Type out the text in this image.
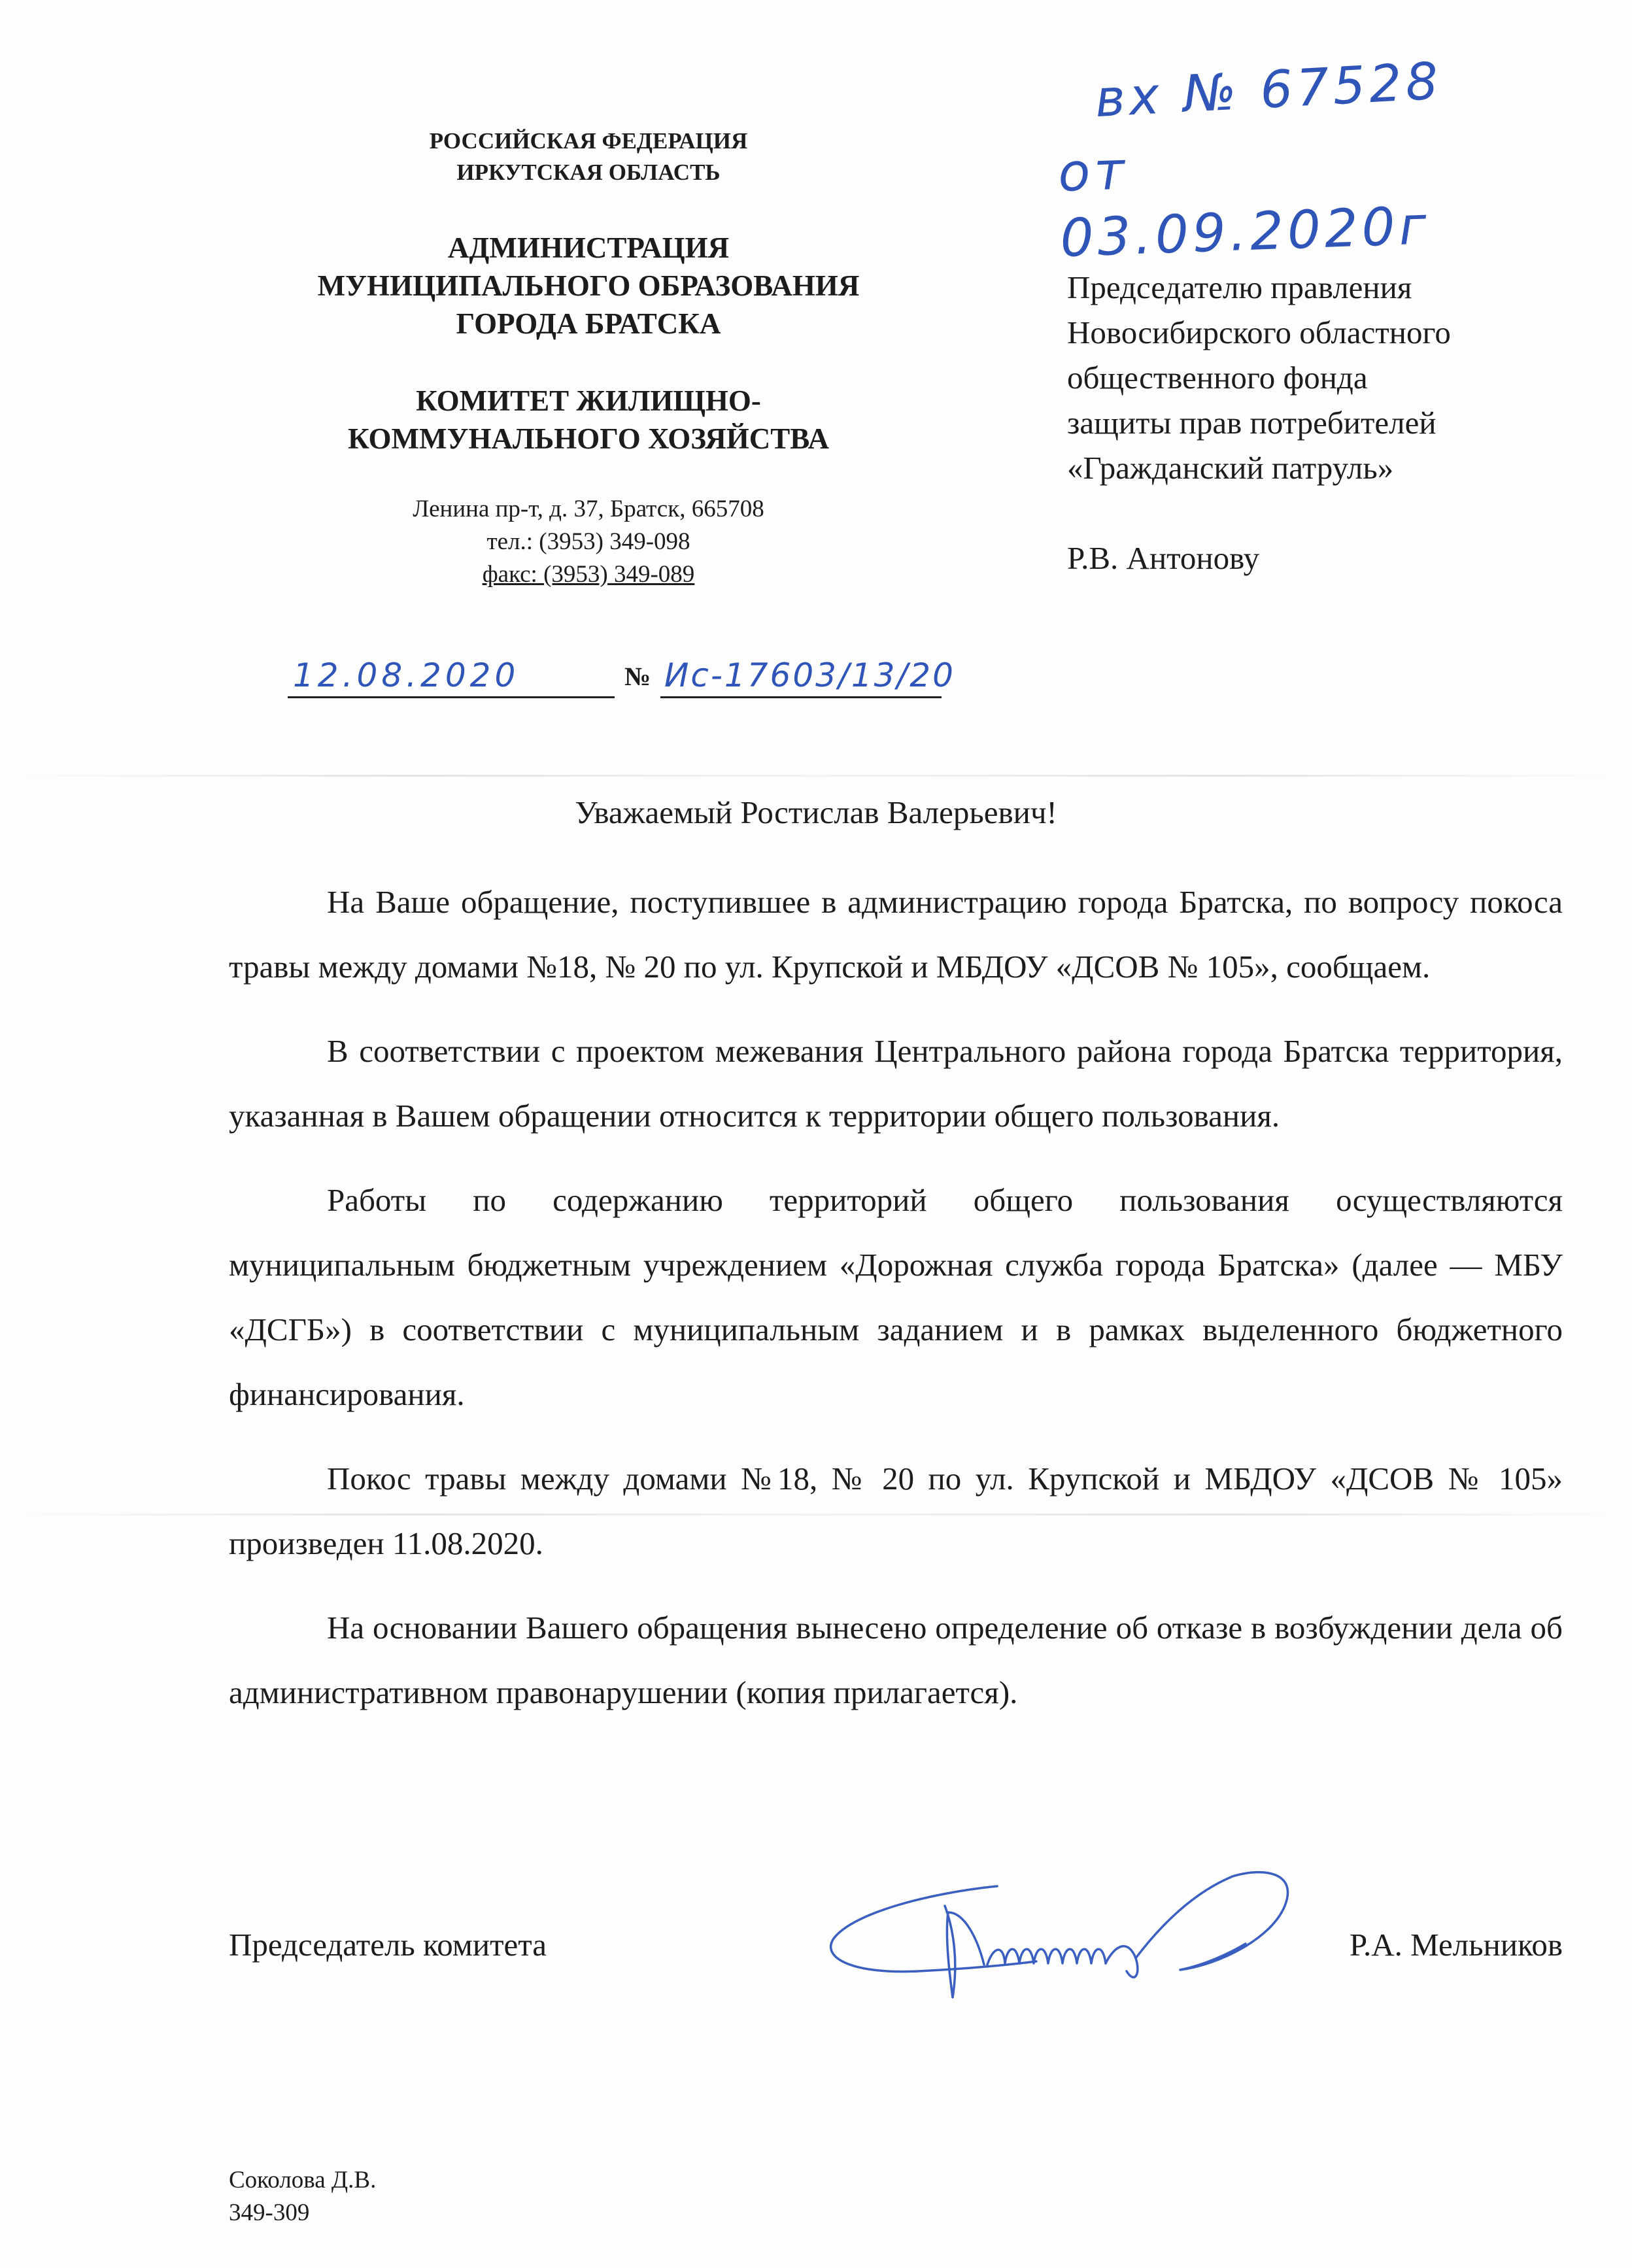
РОССИЙСКАЯ ФЕДЕРАЦИЯ
ИРКУТСКАЯ ОБЛАСТЬ
АДМИНИСТРАЦИЯ
МУНИЦИПАЛЬНОГО ОБРАЗОВАНИЯ
ГОРОДА БРАТСКА
КОМИТЕТ ЖИЛИЩНО-
КОММУНАЛЬНОГО ХОЗЯЙСТВА
Ленина пр-т, д. 37, Братск, 665708
тел.: (3953) 349-098
факс: (3953) 349-089
вх № 67528
от 03.09.2020г
Председателю правления
Новосибирского областного
общественного фонда
защиты прав потребителей
«Гражданский патруль»
Р.В. Антонову
12.08.2020	№ Ис-17603/13/20
Уважаемый Ростислав Валерьевич!

На Ваше обращение, поступившее в администрацию города Братска, по вопросу покоса травы между домами №18, № 20 по ул. Крупской и МБДОУ «ДСОВ № 105», сообщаем.

В соответствии с проектом межевания Центрального района города Братска территория, указанная в Вашем обращении относится к территории общего пользования.

Работы по содержанию территорий общего пользования осуществляются муниципальным бюджетным учреждением «Дорожная служба города Братска» (далее — МБУ «ДСГБ») в соответствии с муниципальным заданием и в рамках выделенного бюджетного финансирования.

Покос травы между домами №18, № 20 по ул. Крупской и МБДОУ «ДСОВ № 105» произведен 11.08.2020.

На основании Вашего обращения вынесено определение об отказе в возбуждении дела об административном правонарушении (копия прилагается).

Председатель комитета	Р.А. Мельников
Соколова Д.В.
349-309
